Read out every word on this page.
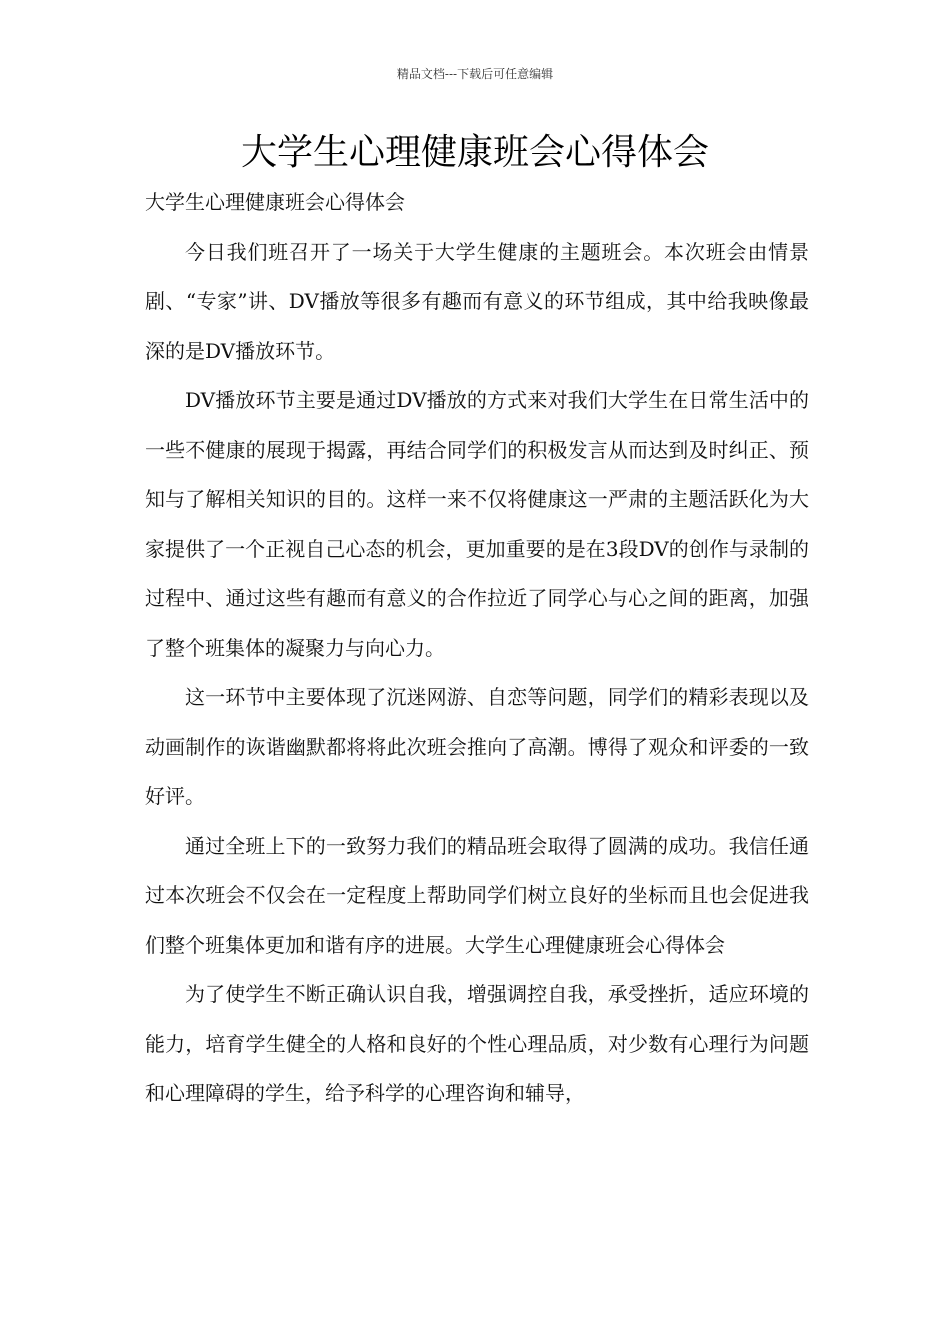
精品文档---下载后可任意编辑
大学生心理健康班会心得体会

大学生心理健康班会心得体会

今日我们班召开了一场关于大学生健康的主题班会。本次班会由情景剧、“专家”讲、DV播放等很多有趣而有意义的环节组成，其中给我映像最深的是DV播放环节。

DV播放环节主要是通过DV播放的方式来对我们大学生在日常生活中的一些不健康的展现于揭露，再结合同学们的积极发言从而达到及时纠正、预知与了解相关知识的目的。这样一来不仅将健康这一严肃的主题活跃化为大家提供了一个正视自己心态的机会，更加重要的是在3段DV的创作与录制的过程中、通过这些有趣而有意义的合作拉近了同学心与心之间的距离，加强了整个班集体的凝聚力与向心力。

这一环节中主要体现了沉迷网游、自恋等问题，同学们的精彩表现以及动画制作的诙谐幽默都将将此次班会推向了高潮。博得了观众和评委的一致好评。

通过全班上下的一致努力我们的精品班会取得了圆满的成功。我信任通过本次班会不仅会在一定程度上帮助同学们树立良好的坐标而且也会促进我们整个班集体更加和谐有序的进展。大学生心理健康班会心得体会

为了使学生不断正确认识自我，增强调控自我，承受挫折，适应环境的能力，培育学生健全的人格和良好的个性心理品质，对少数有心理行为问题和心理障碍的学生，给予科学的心理咨询和辅导，
